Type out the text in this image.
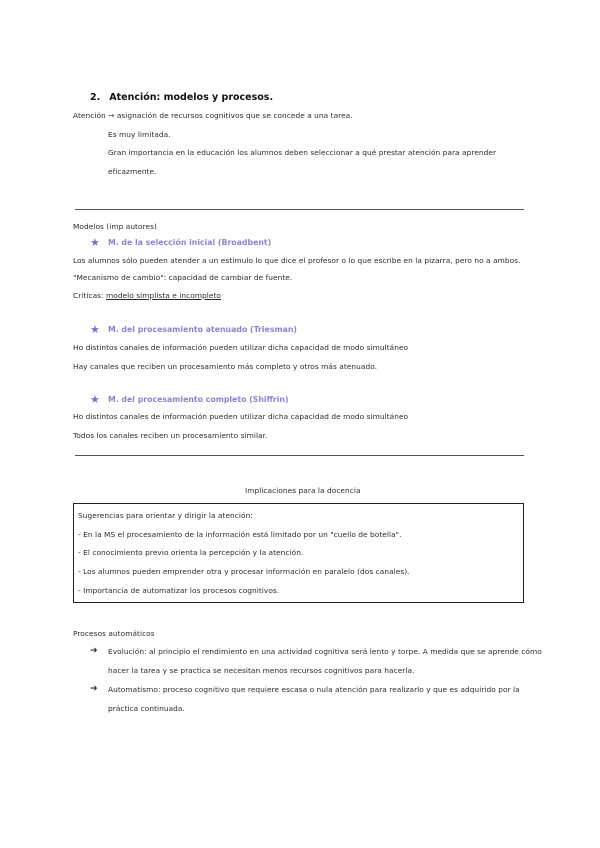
2. Atención: modelos y procesos.
Atención → asignación de recursos cognitivos que se concede a una tarea.
Es muy limitada.
Gran importancia en la educación los alumnos deben seleccionar a qué prestar atención para aprender
eficazmente.
Modelos (imp autores)
★ M. de la selección inicial (Broadbent)
Los alumnos sólo pueden atender a un estímulo lo que dice el profesor o lo que escribe en la pizarra, pero no a ambos.
"Mecanismo de cambio": capacidad de cambiar de fuente.
Críticas: modelo simplista e incompleto
★ M. del procesamiento atenuado (Triesman)
Ho distintos canales de información pueden utilizar dicha capacidad de modo simultáneo
Hay canales que reciben un procesamiento más completo y otros más atenuado.
★ M. del procesamiento completo (Shiffrin)
Ho distintos canales de información pueden utilizar dicha capacidad de modo simultáneo
Todos los canales reciben un procesamiento similar.
Implicaciones para la docencia
Sugerencias para orientar y dirigir la atención:
- En la MS el procesamiento de la información está limitado por un "cuello de botella".
- El conocimiento previo orienta la percepción y la atención.
- Los alumnos pueden emprender otra y procesar información en paralelo (dos canales).
- Importancia de automatizar los procesos cognitivos.
Procesos automáticos
➔ Evolución: al principio el rendimiento en una actividad cognitiva será lento y torpe. A medida que se aprende cómo
hacer la tarea y se practica se necesitan menos recursos cognitivos para hacerla.
➔ Automatismo: proceso cognitivo que requiere escasa o nula atención para realizarlo y que es adquirido por la
práctica continuada.
